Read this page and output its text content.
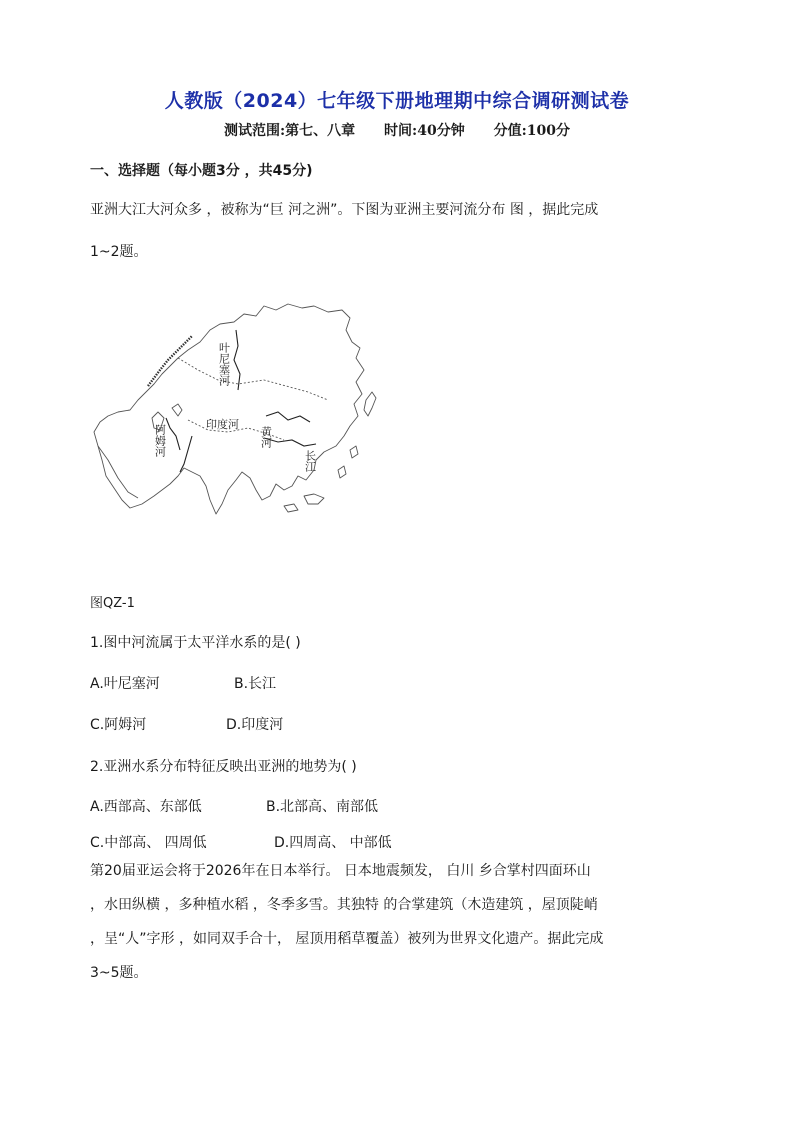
人教版（2024）七年级下册地理期中综合调研测试卷
测试范围:第七、八章 时间:40分钟 分值:100分
一、选择题（每小题3分 ，共45分)
亚洲大江大河众多 ，被称为“巨 河之洲”。下图为亚洲主要河流分布 图 ，据此完成
1~2题。
叶尼塞河
阿姆河	印度河
黄河
长江
图QZ-1
1.图中河流属于太平洋水系的是( )
A.叶尼塞河	B.长江
C.阿姆河	D.印度河
2.亚洲水系分布特征反映出亚洲的地势为( )
A.西部高、东部低	B.北部高、南部低
C.中部高、 四周低	D.四周高、 中部低
第20届亚运会将于2026年在日本举行。 日本地震频发， 白川 乡合掌村四面环山
，水田纵横 ，多种植水稻 ，冬季多雪。其独特 的合掌建筑（木造建筑 ，屋顶陡峭
，呈“人”字形 ，如同双手合十， 屋顶用稻草覆盖）被列为世界文化遗产。据此完成
3~5题。
